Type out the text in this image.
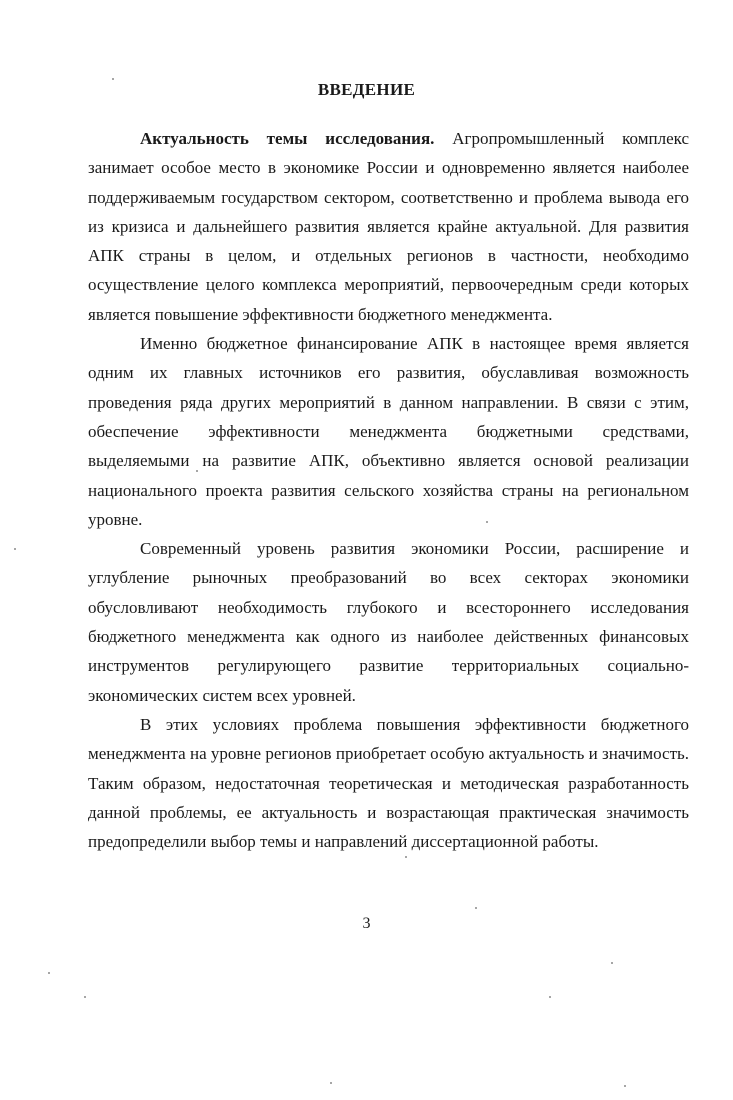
ВВЕДЕНИЕ

Актуальность темы исследования. Агропромышленный комплекс занимает особое место в экономике России и одновременно является наиболее поддерживаемым государством сектором, соответственно и проблема вывода его из кризиса и дальнейшего развития является крайне актуальной. Для развития АПК страны в целом, и отдельных регионов в частности, необходимо осуществление целого комплекса мероприятий, первоочередным среди которых является повышение эффективности бюджетного менеджмента.

Именно бюджетное финансирование АПК в настоящее время является одним их главных источников его развития, обуславливая возможность проведения ряда других мероприятий в данном направлении. В связи с этим, обеспечение эффективности менеджмента бюджетными средствами, выделяемыми на развитие АПК, объективно является основой реализации национального проекта развития сельского хозяйства страны на региональном уровне.

Современный уровень развития экономики России, расширение и углубление рыночных преобразований во всех секторах экономики обусловливают необходимость глубокого и всестороннего исследования бюджетного менеджмента как одного из наиболее действенных финансовых инструментов регулирующего развитие территориальных социально-экономических систем всех уровней.

В этих условиях проблема повышения эффективности бюджетного менеджмента на уровне регионов приобретает особую актуальность и значимость. Таким образом, недостаточная теоретическая и методическая разработанность данной проблемы, ее актуальность и возрастающая практическая значимость предопределили выбор темы и направлений диссертационной работы.

3
